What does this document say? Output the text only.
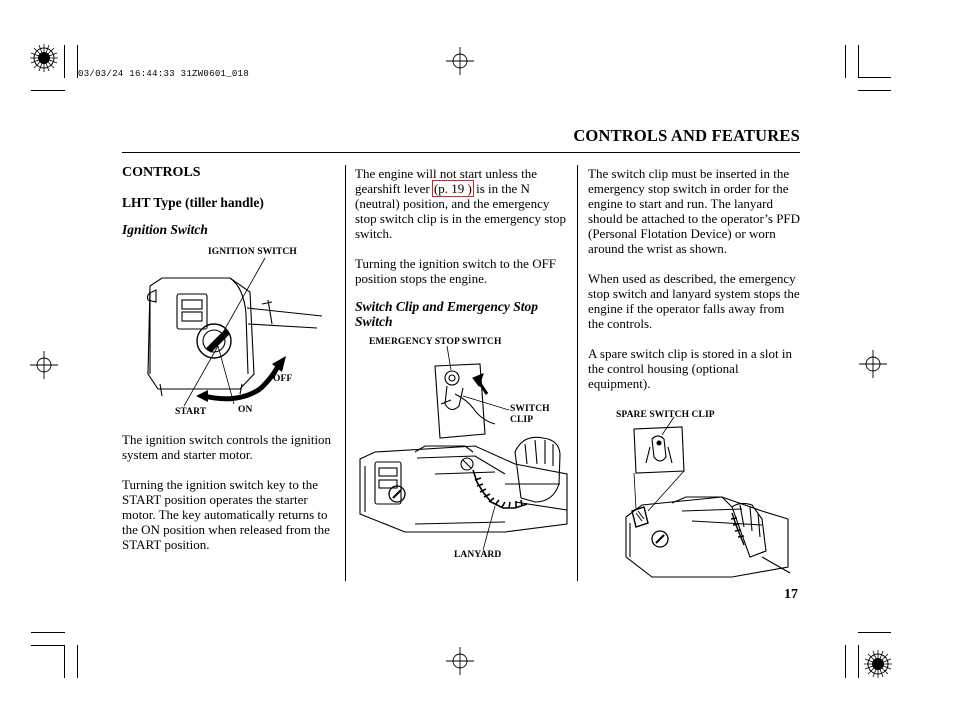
03/03/24 16:44:33 31ZW0601_018
CONTROLS AND FEATURES
CONTROLS
LHT Type (tiller handle)
Ignition Switch
IGNITION SWITCH
OFF
START	ON

The ignition switch controls the ignition system and starter motor.

Turning the ignition switch key to the START position operates the starter motor. The key automatically returns to the ON position when released from the START position.

The engine will not start unless the gearshift lever (p. 19 ) is in the N (neutral) position, and the emergency stop switch clip is in the emergency stop switch.

Turning the ignition switch to the OFF position stops the engine.

Switch Clip and Emergency Stop Switch
EMERGENCY STOP SWITCH
SWITCH
CLIP
LANYARD

The switch clip must be inserted in the emergency stop switch in order for the engine to start and run. The lanyard should be attached to the operator’s PFD (Personal Flotation Device) or worn around the wrist as shown.

When used as described, the emergency stop switch and lanyard system stops the engine if the operator falls away from the controls.

A spare switch clip is stored in a slot in the control housing (optional equipment).

SPARE SWITCH CLIP
17
